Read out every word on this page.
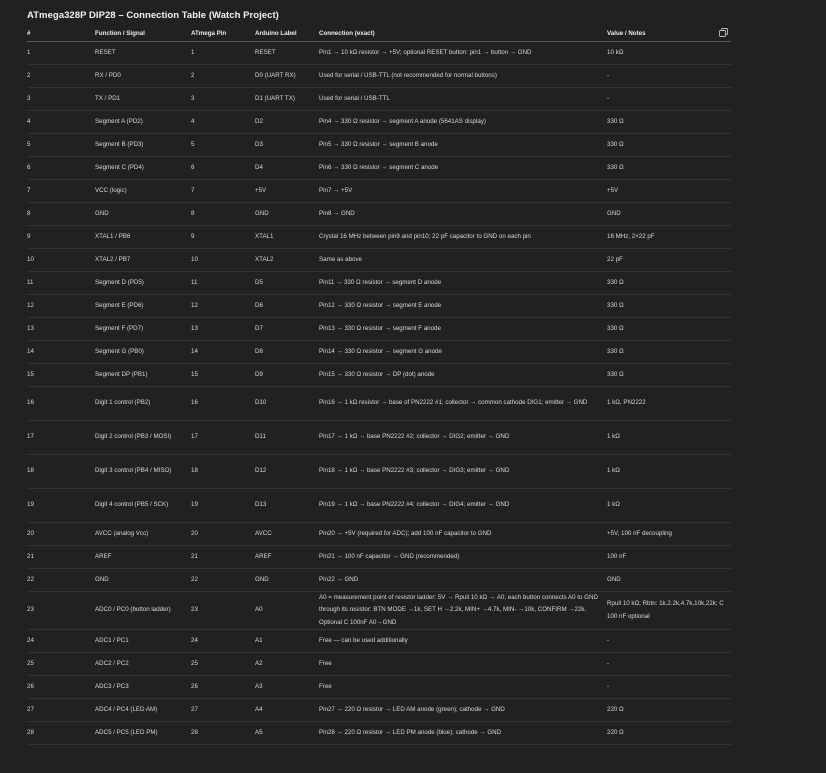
ATmega328P DIP28 – Connection Table (Watch Project)
#	Function / Signal	ATmega Pin	Arduino Label	Connection (exact)	Value / Notes

1	RESET	1	RESET	Pin1 → 10 kΩ resistor → +5V; optional RESET button: pin1 → button → GND	10 kΩ

2	RX / PD0	2	D0 (UART RX)	Used for serial / USB-TTL (not recommended for normal buttons)	-

3	TX / PD1	3	D1 (UART TX)	Used for serial / USB-TTL	-

4	Segment A (PD2)	4	D2	Pin4 → 330 Ω resistor → segment A anode (5641AS display)	330 Ω

5	Segment B (PD3)	5	D3	Pin5 → 330 Ω resistor → segment B anode	330 Ω

6	Segment C (PD4)	6	D4	Pin6 → 330 Ω resistor → segment C anode	330 Ω

7	VCC (logic)	7	+5V	Pin7 → +5V	+5V

8	GND	8	GND	Pin8 → GND	GND

9	XTAL1 / PB6	9	XTAL1	Crystal 16 MHz between pin9 and pin10; 22 pF capacitor to GND on each pin	16 MHz, 2×22 pF

10	XTAL2 / PB7	10	XTAL2	Same as above	22 pF

11	Segment D (PD5)	11	D5	Pin11 → 330 Ω resistor → segment D anode	330 Ω

12	Segment E (PD6)	12	D6	Pin12 → 330 Ω resistor → segment E anode	330 Ω

13	Segment F (PD7)	13	D7	Pin13 → 330 Ω resistor → segment F anode	330 Ω

14	Segment G (PB0)	14	D8	Pin14 → 330 Ω resistor → segment G anode	330 Ω

15	Segment DP (PB1)	15	D9	Pin15 → 330 Ω resistor → DP (dot) anode	330 Ω

16	Digit 1 control (PB2)	16	D10	Pin16 → 1 kΩ resistor → base of PN2222 #1; collector → common cathode DIG1; emitter → GND	1 kΩ, PN2222

17	Digit 2 control (PB3 / MOSI)	17	D11	Pin17 → 1 kΩ → base PN2222 #2; collector → DIG2; emitter → GND	1 kΩ

18	Digit 3 control (PB4 / MISO)	18	D12	Pin18 → 1 kΩ → base PN2222 #3; collector → DIG3; emitter → GND	1 kΩ

19	Digit 4 control (PB5 / SCK)	19	D13	Pin19 → 1 kΩ → base PN2222 #4; collector → DIG4; emitter → GND	1 kΩ

20	AVCC (analog Vcc)	20	AVCC	Pin20 → +5V (required for ADC); add 100 nF capacitor to GND	+5V, 100 nF decoupling

21	AREF	21	AREF	Pin21 → 100 nF capacitor → GND (recommended)	100 nF

22	GND	22	GND	Pin22 → GND	GND

23	ADC0 / PC0 (button ladder)	23	A0	A0 = measurement point of resistor ladder: 5V → Rpull 10 kΩ → A0; each button connects A0 to GND through its resistor: BTN MODE →1k, SET H →2.2k, MIN+ →4.7k, MIN- →10k, CONFIRM →22k. Optional C 100nF A0→GND	Rpull 10 kΩ; Rbtn: 1k,2.2k,4.7k,10k,22k; C 100 nF optional

24	ADC1 / PC1	24	A1	Free — can be used additionally	-

25	ADC2 / PC2	25	A2	Free	-

26	ADC3 / PC3	26	A3	Free	-

27	ADC4 / PC4 (LED AM)	27	A4	Pin27 → 220 Ω resistor → LED AM anode (green); cathode → GND	220 Ω

28	ADC5 / PC5 (LED PM)	28	A5	Pin28 → 220 Ω resistor → LED PM anode (blue); cathode → GND	220 Ω
